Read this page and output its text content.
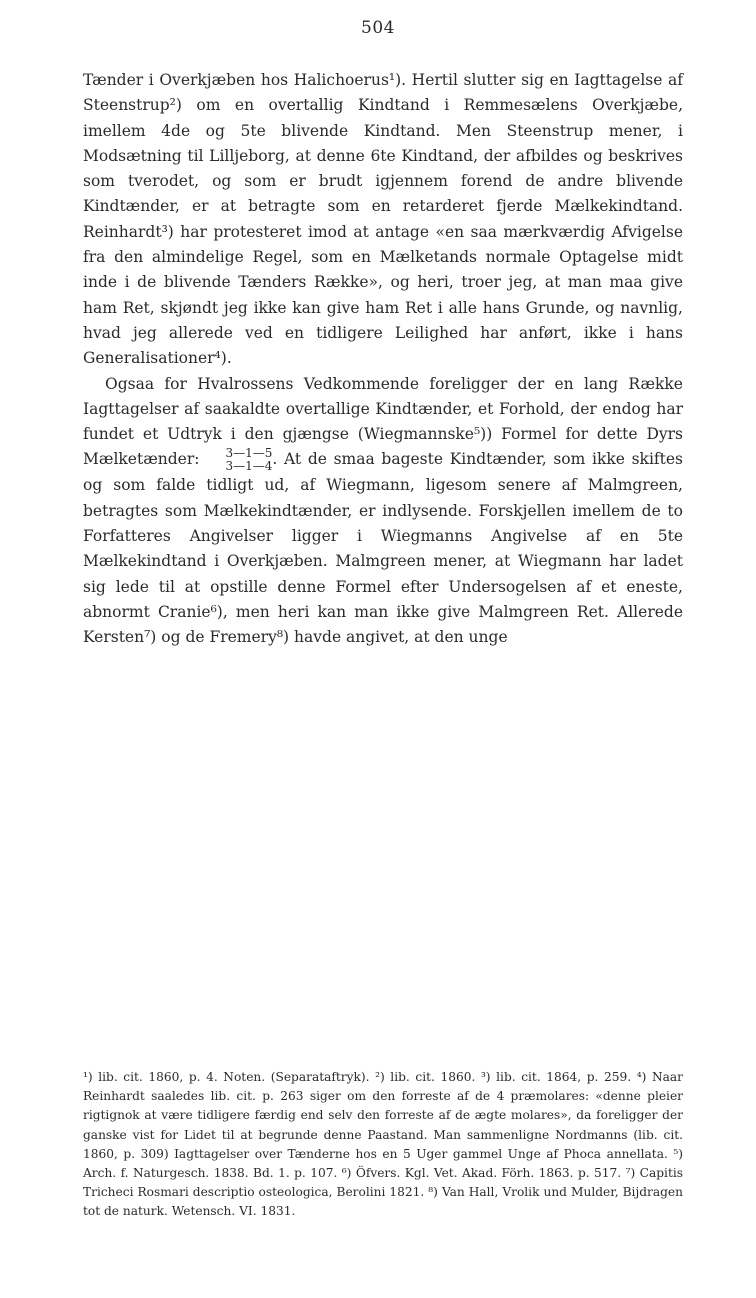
504

Tænder i Overkjæben hos Halichoerus¹). Hertil slutter sig en Iagttagelse af Steenstrup²) om en overtallig Kindtand i Remmesælens Overkjæbe, imellem 4de og 5te blivende Kindtand. Men Steenstrup mener, i Modsætning til Lilljeborg, at denne 6te Kindtand, der afbildes og beskrives som tverodet, og som er brudt igjennem forend de andre blivende Kindtænder, er at betragte som en retarderet fjerde Mælkekindtand. Reinhardt³) har protesteret imod at antage «en saa mærkværdig Afvigelse fra den almindelige Regel, som en Mælketands normale Optagelse midt inde i de blivende Tænders Række», og heri, troer jeg, at man maa give ham Ret, skjøndt jeg ikke kan give ham Ret i alle hans Grunde, og navnlig, hvad jeg allerede ved en tidligere Leilighed har anført, ikke i hans Generalisationer⁴).

Ogsaa for Hvalrossens Vedkommende foreligger der en lang Række Iagttagelser af saakaldte overtallige Kindtænder, et Forhold, der endog har fundet et Udtryk i den gjængse (Wiegmannske⁵)) Formel for dette Dyrs Mælketænder:	3—1—5
3—1—4 . At de smaa bageste Kindtænder, som ikke skiftes og som falde tidligt ud, af Wiegmann, ligesom senere af Malmgreen, betragtes som Mælkekindtænder, er indlysende. Forskjellen imellem de to Forfatteres Angivelser ligger i Wiegmanns Angivelse af en 5te Mælkekindtand i Overkjæben. Malmgreen mener, at Wiegmann har ladet sig lede til at opstille denne Formel efter Undersogelsen af et eneste, abnormt Cranie⁶), men heri kan man ikke give Malmgreen Ret. Allerede Kersten⁷) og de Fremery⁸) havde angivet, at den unge

¹) lib. cit. 1860, p. 4. Noten. (Separataftryk). ²) lib. cit. 1860. ³) lib. cit. 1864, p. 259. ⁴) Naar Reinhardt saaledes lib. cit. p. 263 siger om den forreste af de 4 præmolares: «denne pleier rigtignok at være tidligere færdig end selv den forreste af de ægte molares», da foreligger der ganske vist for Lidet til at begrunde denne Paastand. Man sammenligne Nordmanns (lib. cit. 1860, p. 309) Iagttagelser over Tænderne hos en 5 Uger gammel Unge af Phoca annellata. ⁵) Arch. f. Naturgesch. 1838. Bd. 1. p. 107. ⁶) Öfvers. Kgl. Vet. Akad. Förh. 1863. p. 517. ⁷) Capitis Tricheci Rosmari descriptio osteologica, Berolini 1821. ⁸) Van Hall, Vrolik und Mulder, Bijdragen tot de naturk. Wetensch. VI. 1831.
